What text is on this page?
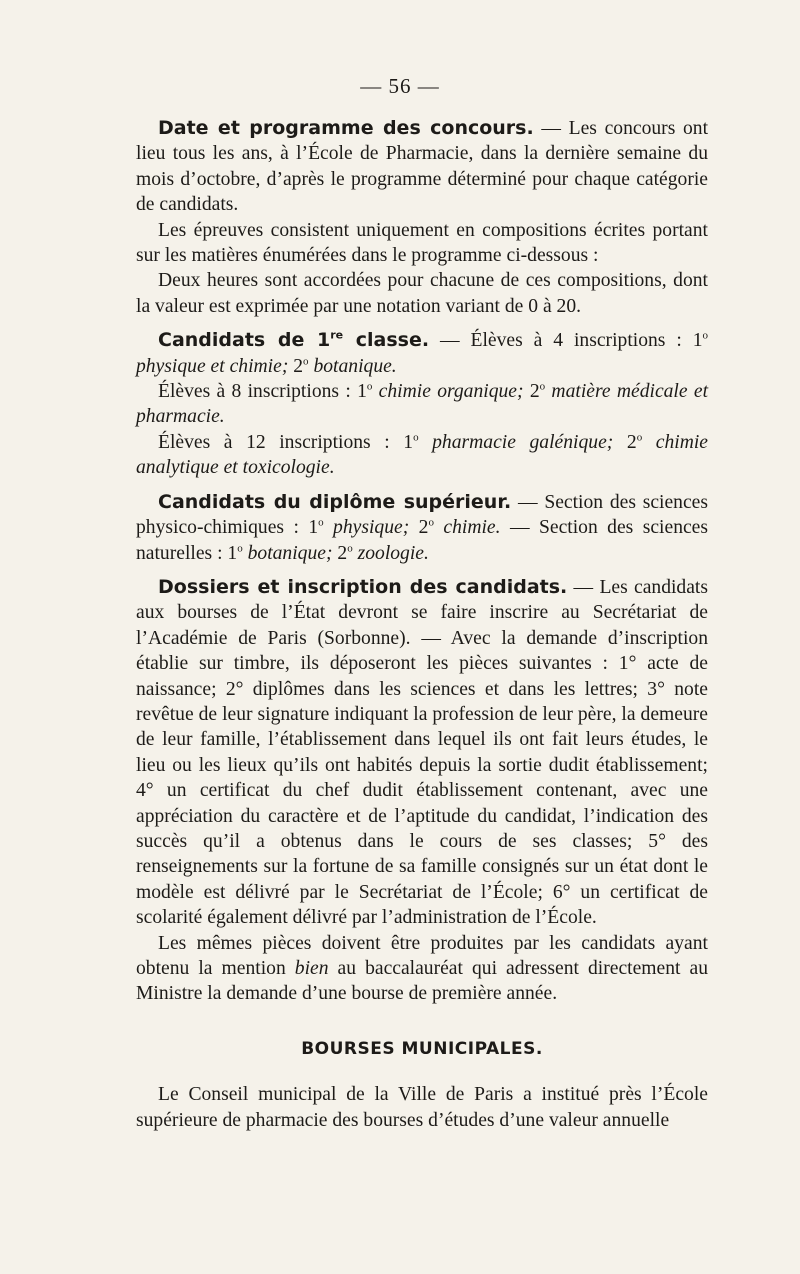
— 56 —

Date et programme des concours. — Les concours ont lieu tous les ans, à l’École de Pharmacie, dans la dernière semaine du mois d’octobre, d’après le programme déterminé pour chaque catégorie de candidats.

Les épreuves consistent uniquement en compositions écrites portant sur les matières énumérées dans le programme ci-dessous :

Deux heures sont accordées pour chacune de ces compositions, dont la valeur est exprimée par une notation variant de 0 à 20.

Candidats de 1re classe. — Élèves à 4 inscriptions : 1$^o$ physique et chimie; 2$^o$ botanique.

Élèves à 8 inscriptions : 1$^o$ chimie organique; 2$^o$ matière médicale et pharmacie.

Élèves à 12 inscriptions : 1$^o$ pharmacie galénique; 2$^o$ chimie analytique et toxicologie.

Candidats du diplôme supérieur. — Section des sciences physico-chimiques : 1$^o$ physique; 2$^o$ chimie. — Section des sciences naturelles : 1$^o$ botanique; 2$^o$ zoologie.

Dossiers et inscription des candidats. — Les candidats aux bourses de l’État devront se faire inscrire au Secrétariat de l’Académie de Paris (Sorbonne). — Avec la demande d’inscription établie sur timbre, ils déposeront les pièces suivantes : 1° acte de naissance; 2° diplômes dans les sciences et dans les lettres; 3° note revêtue de leur signature indiquant la profession de leur père, la demeure de leur famille, l’établissement dans lequel ils ont fait leurs études, le lieu ou les lieux qu’ils ont habités depuis la sortie dudit établissement; 4° un certificat du chef dudit établissement contenant, avec une appréciation du caractère et de l’aptitude du candidat, l’indication des succès qu’il a obtenus dans le cours de ses classes; 5° des renseignements sur la fortune de sa famille consignés sur un état dont le modèle est délivré par le Secrétariat de l’École; 6° un certificat de scolarité également délivré par l’administration de l’École.

Les mêmes pièces doivent être produites par les candidats ayant obtenu la mention bien au baccalauréat qui adressent directement au Ministre la demande d’une bourse de première année.

BOURSES MUNICIPALES.

Le Conseil municipal de la Ville de Paris a institué près l’École supérieure de pharmacie des bourses d’études d’une valeur annuelle
